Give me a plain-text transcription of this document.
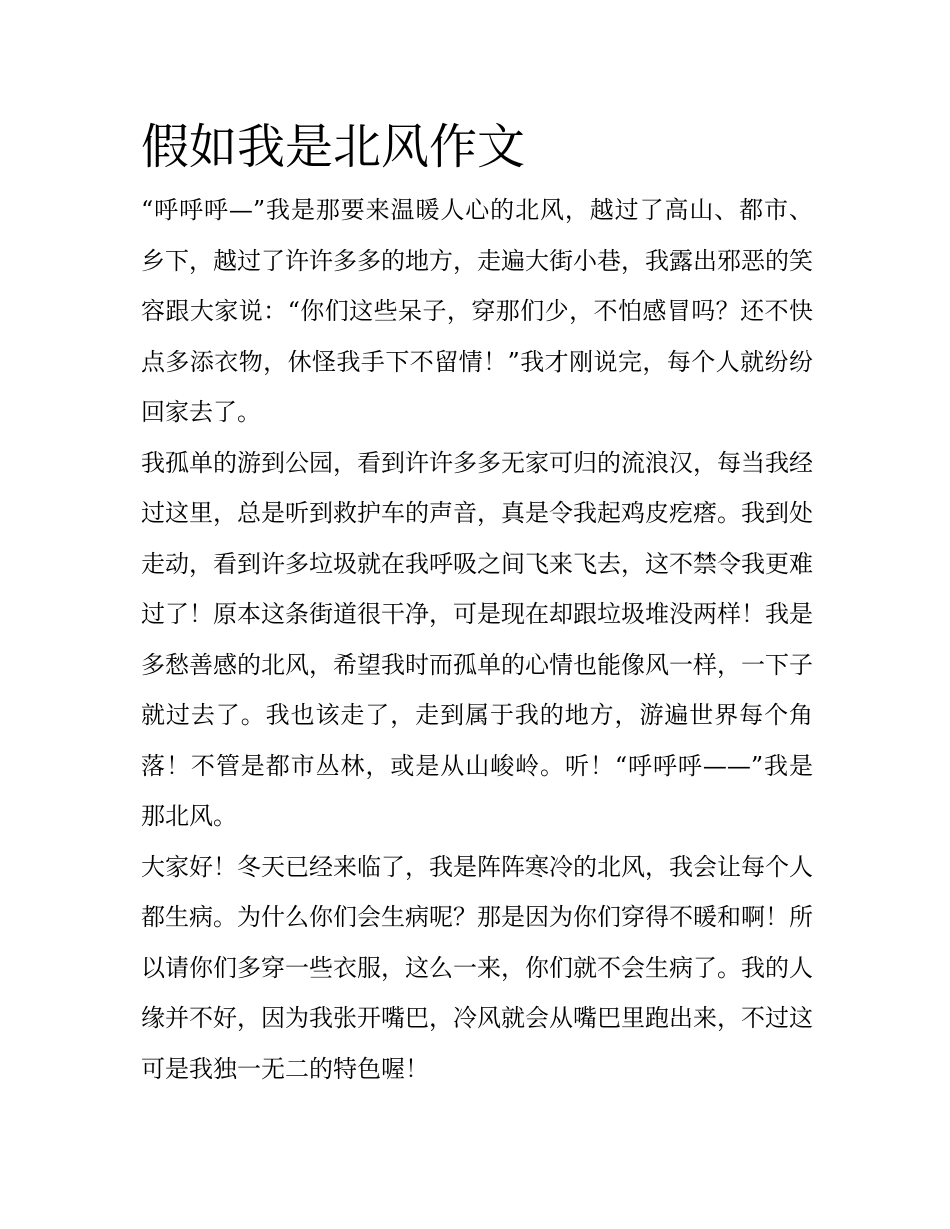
假如我是北风作文

“呼呼呼—”我是那要来温暖人心的北风，越过了高山、都市、乡下，越过了许许多多的地方，走遍大街小巷，我露出邪恶的笑容跟大家说：“你们这些呆子，穿那们少，不怕感冒吗？还不快点多添衣物，休怪我手下不留情！”我才刚说完，每个人就纷纷回家去了。

我孤单的游到公园，看到许许多多无家可归的流浪汉，每当我经过这里，总是听到救护车的声音，真是令我起鸡皮疙瘩。我到处走动，看到许多垃圾就在我呼吸之间飞来飞去，这不禁令我更难过了！原本这条街道很干净，可是现在却跟垃圾堆没两样！我是多愁善感的北风，希望我时而孤单的心情也能像风一样，一下子就过去了。我也该走了，走到属于我的地方，游遍世界每个角落！不管是都市丛林，或是从山峻岭。听！“呼呼呼——”我是那北风。

大家好！冬天已经来临了，我是阵阵寒冷的北风，我会让每个人都生病。为什么你们会生病呢？那是因为你们穿得不暖和啊！所以请你们多穿一些衣服，这么一来，你们就不会生病了。我的人缘并不好，因为我张开嘴巴，冷风就会从嘴巴里跑出来，不过这可是我独一无二的特色喔！
